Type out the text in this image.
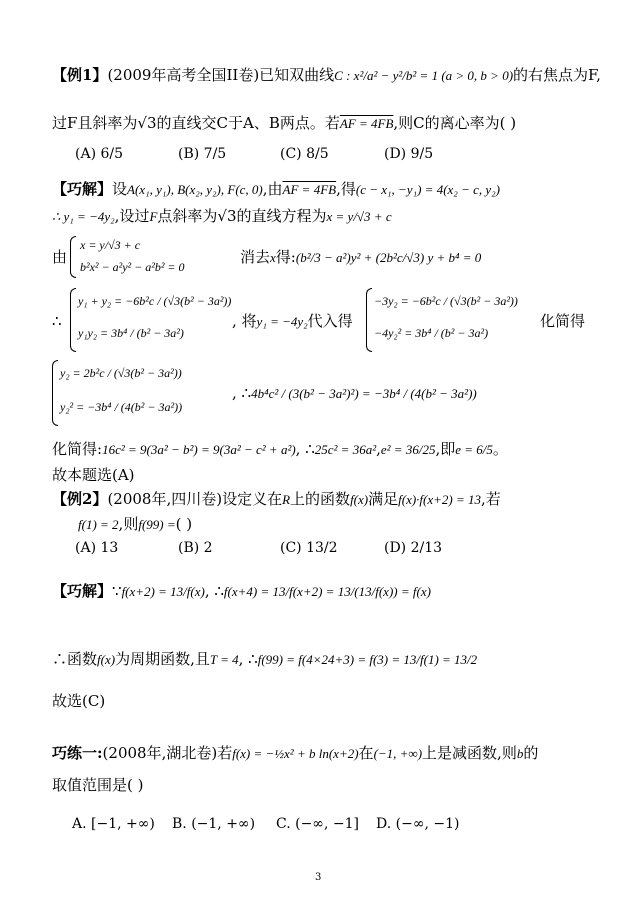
【例1】(2009年高考全国II卷)已知双曲线C : x²/a² − y²/b² = 1 (a > 0, b > 0)的右焦点为F,
过F且斜率为√3的直线交C于A、B两点。若AF = 4FB,则C的离心率为( )
(A) 6/5	(B) 7/5	(C) 8/5	(D) 9/5
【巧解】设A(x₁, y₁), B(x₂, y₂), F(c, 0),由AF = 4FB,得(c − x₁, −y₁) = 4(x₂ − c, y₂)
∴ y₁ = −4y₂,设过F点斜率为√3的直线方程为x = y/√3 + c
由
x = y/√3 + c
b²x² − a²y² − a²b² = 0
消去x得:(b²/3 − a²)y² + (2b²c/√3) y + b⁴ = 0
∴
y₁ + y₂ = −6b²c / (√3(b² − 3a²))
y₁y₂ = 3b⁴ / (b² − 3a²)
, 将y₁ = −4y₂代入得
−3y₂ = −6b²c / (√3(b² − 3a²))
−4y₂² = 3b⁴ / (b² − 3a²)
化简得
y₂ = 2b²c / (√3(b² − 3a²))
y₂² = −3b⁴ / (4(b² − 3a²))
, ∴4b⁴c² / (3(b² − 3a²)²) = −3b⁴ / (4(b² − 3a²))
化简得:16c² = 9(3a² − b²) = 9(3a² − c² + a²), ∴25c² = 36a²,e² = 36/25,即e = 6/5。
故本题选(A)
【例2】(2008年,四川卷)设定义在R上的函数f(x)满足f(x)·f(x+2) = 13,若
f(1) = 2,则f(99) =( )
(A) 13	(B) 2	(C) 13/2	(D) 2/13
【巧解】∵f(x+2) = 13/f(x), ∴f(x+4) = 13/f(x+2) = 13/(13/f(x)) = f(x)
∴函数f(x)为周期函数,且T = 4, ∴f(99) = f(4×24+3) = f(3) = 13/f(1) = 13/2
故选(C)
巧练一:(2008年,湖北卷)若f(x) = −½x² + b ln(x+2)在(−1, +∞)上是减函数,则b的
取值范围是( )
A. [−1, +∞) B. (−1, +∞) C. (−∞, −1] D. (−∞, −1)
3
